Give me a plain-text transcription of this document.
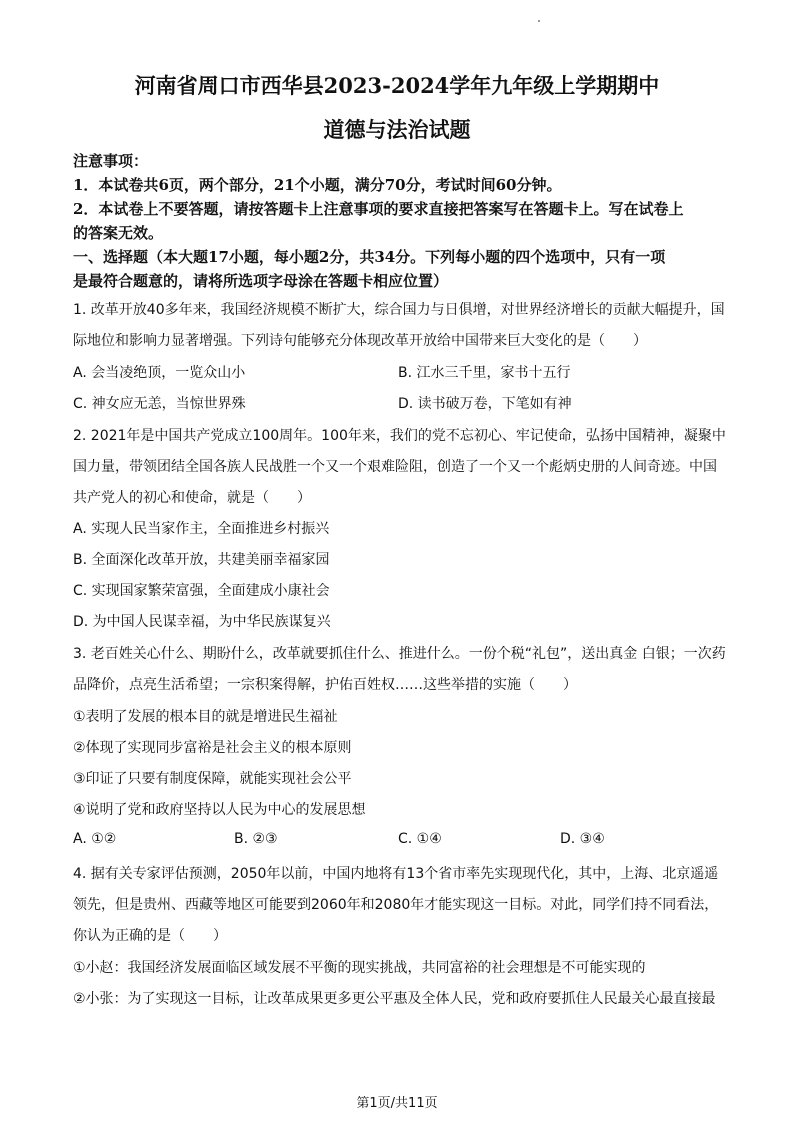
河南省周口市西华县2023-2024学年九年级上学期期中
道德与法治试题
注意事项：
1．本试卷共6页，两个部分，21个小题，满分70分，考试时间60分钟。
2．本试卷上不要答题，请按答题卡上注意事项的要求直接把答案写在答题卡上。写在试卷上
的答案无效。
一、选择题（本大题17小题，每小题2分，共34分。下列每小题的四个选项中，只有一项
是最符合题意的，请将所选项字母涂在答题卡相应位置）
1. 改革开放40多年来，我国经济规模不断扩大，综合国力与日俱增，对世界经济增长的贡献大幅提升，国
际地位和影响力显著增强。下列诗句能够充分体现改革开放给中国带来巨大变化的是（　　）
A. 会当凌绝顶，一览众山小	B. 江水三千里，家书十五行
C. 神女应无恙，当惊世界殊	D. 读书破万卷，下笔如有神
2. 2021年是中国共产党成立100周年。100年来，我们的党不忘初心、牢记使命，弘扬中国精神，凝聚中
国力量，带领团结全国各族人民战胜一个又一个艰难险阻，创造了一个又一个彪炳史册的人间奇迹。中国
共产党人的初心和使命，就是（　　）
A. 实现人民当家作主，全面推进乡村振兴
B. 全面深化改革开放，共建美丽幸福家园
C. 实现国家繁荣富强，全面建成小康社会
D. 为中国人民谋幸福，为中华民族谋复兴
3. 老百姓关心什么、期盼什么，改革就要抓住什么、推进什么。一份个税“礼包”，送出真金 白银；一次药
品降价，点亮生活希望；一宗积案得解，护佑百姓权……这些举措的实施（　　）
①表明了发展的根本目的就是增进民生福祉
②体现了实现同步富裕是社会主义的根本原则
③印证了只要有制度保障，就能实现社会公平
④说明了党和政府坚持以人民为中心的发展思想
A. ①②	B. ②③	C. ①④	D. ③④
4. 据有关专家评估预测，2050年以前，中国内地将有13个省市率先实现现代化，其中，上海、北京遥遥
领先，但是贵州、西藏等地区可能要到2060年和2080年才能实现这一目标。对此，同学们持不同看法，
你认为正确的是（　　）
①小赵：我国经济发展面临区域发展不平衡的现实挑战，共同富裕的社会理想是不可能实现的
②小张：为了实现这一目标，让改革成果更多更公平惠及全体人民，党和政府要抓住人民最关心最直接最
第1页/共11页
